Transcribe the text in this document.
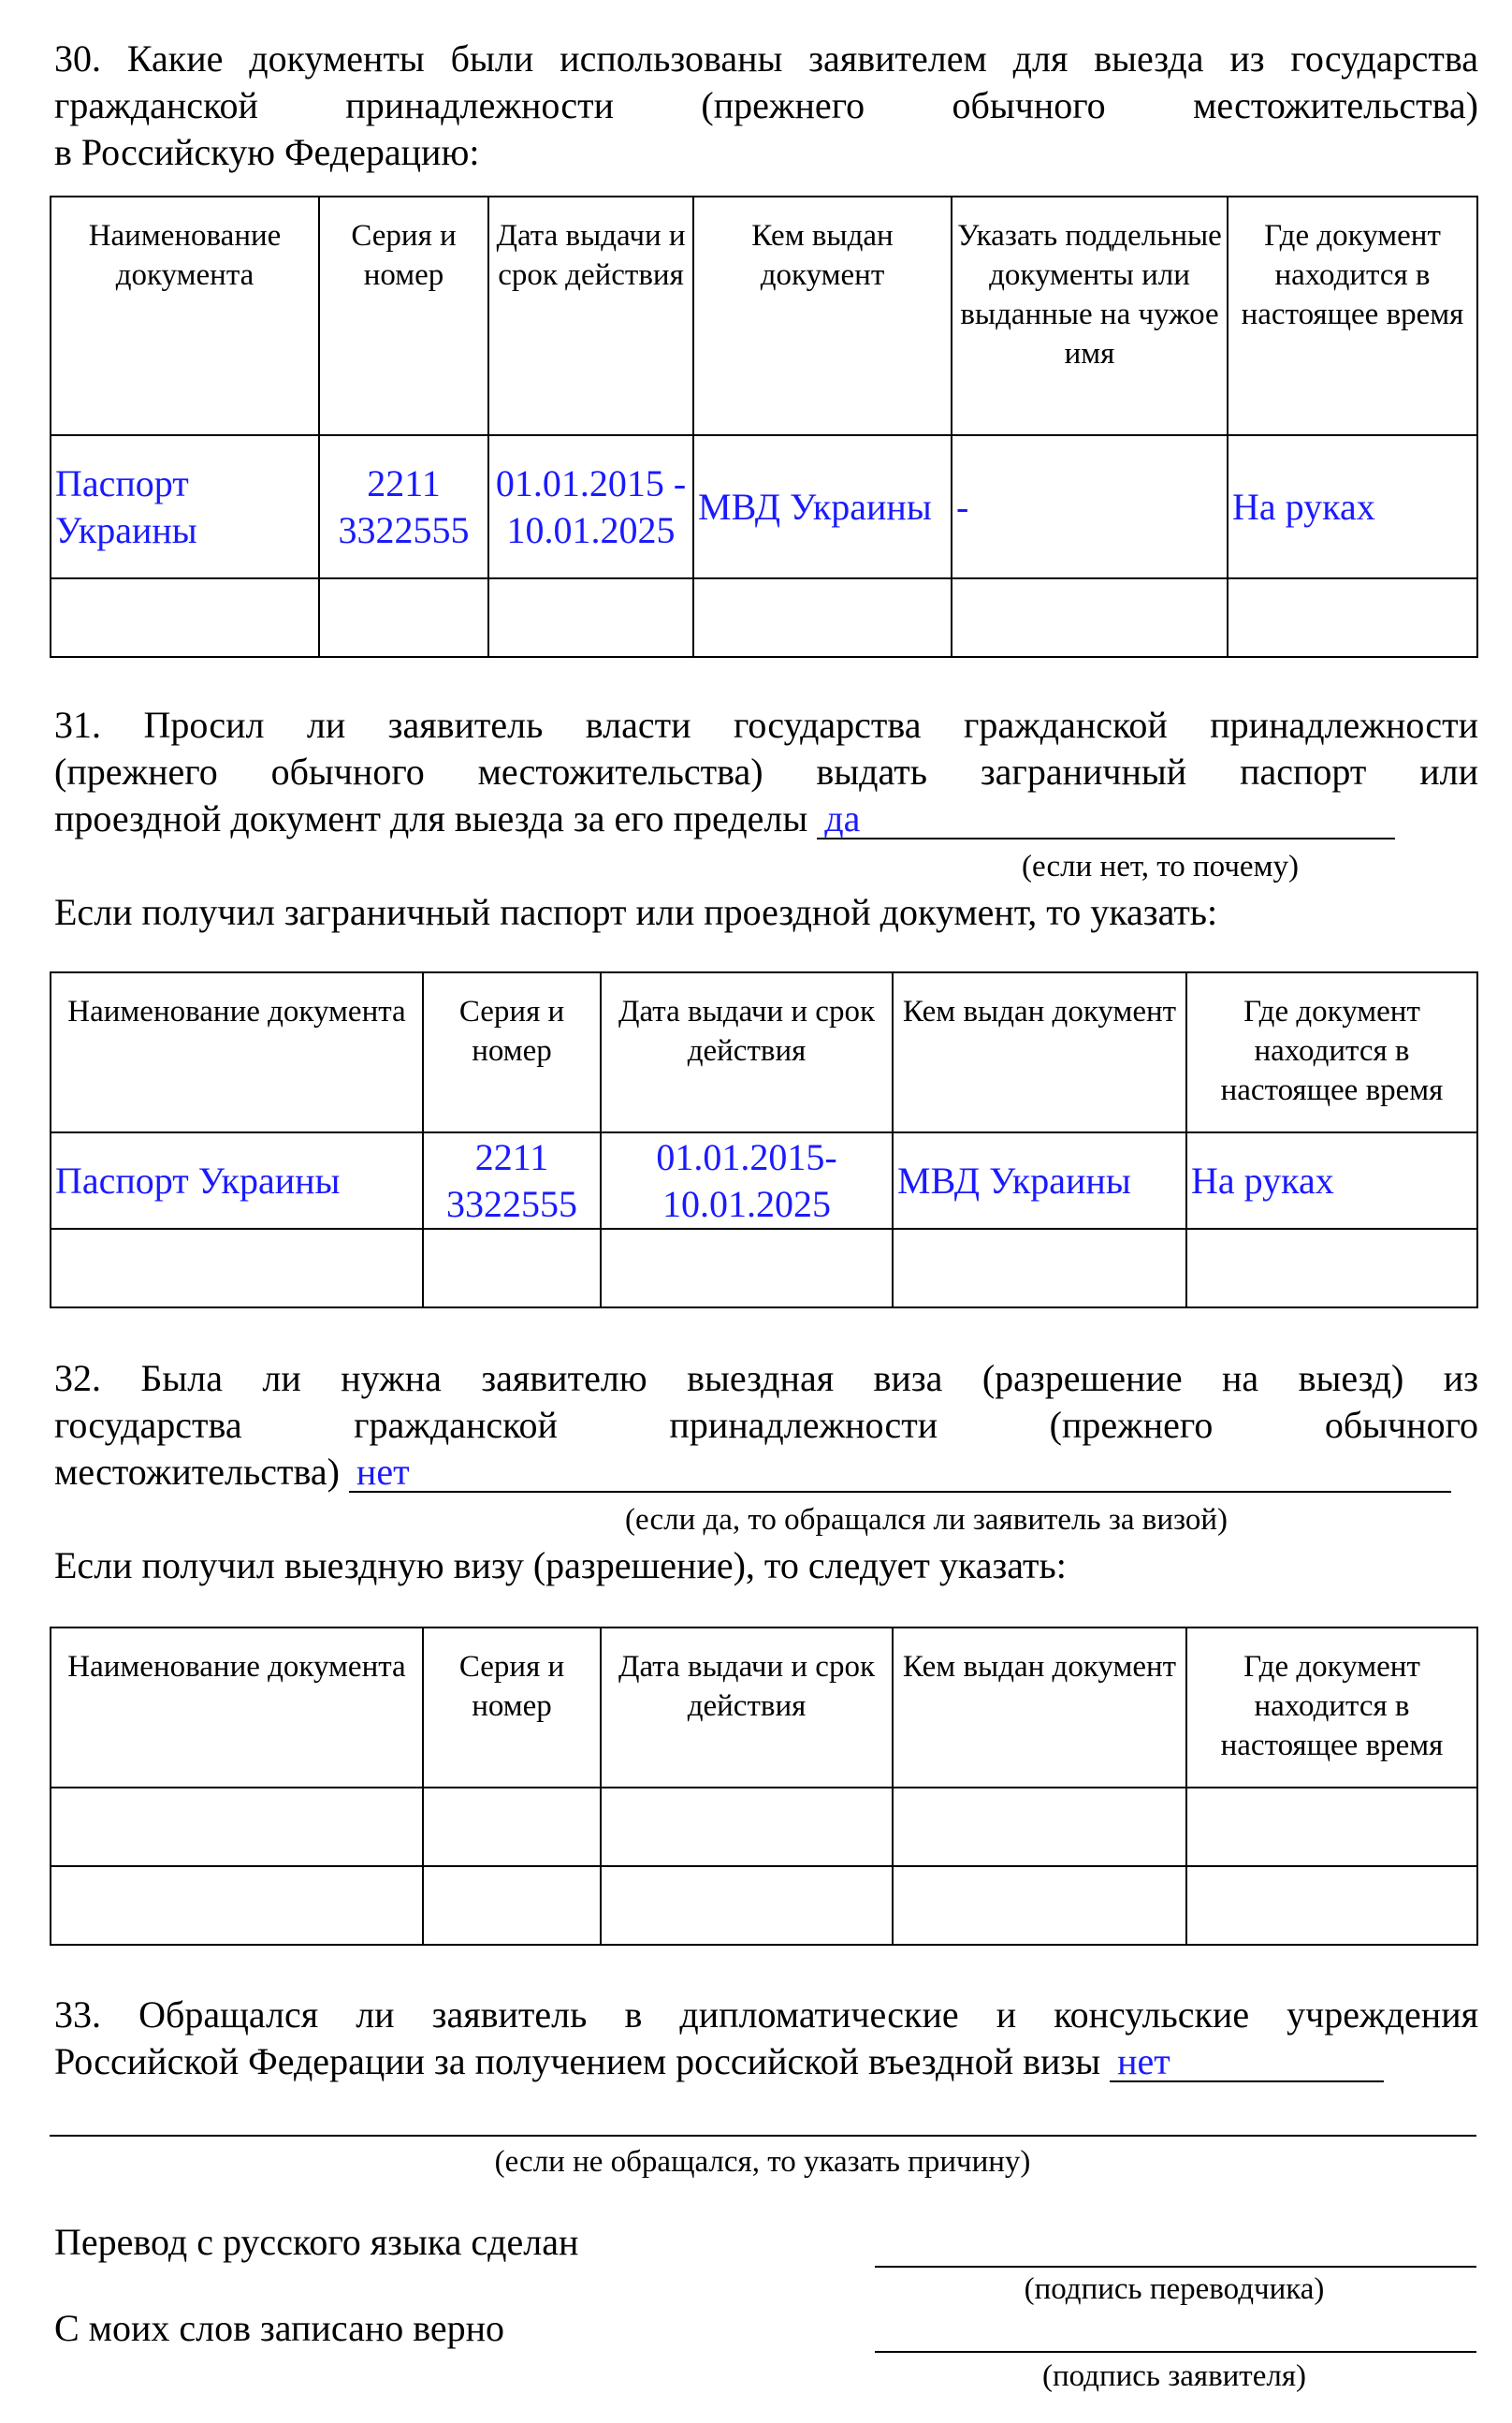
30. Какие документы были использованы заявителем для выезда из государства
гражданской принадлежности (прежнего обычного местожительства)
в Российскую Федерацию:
Наименование документа	Серия и номер	Дата выдачи и срок действия	Кем выдан документ	Указать поддельные документы или выданные на чужое имя	Где документ находится в настоящее время
Паспорт Украины	2211 3322555	01.01.2015 - 10.01.2025	МВД Украины	-	На руках

31. Просил ли заявитель власти государства гражданской принадлежности
(прежнего обычного местожительства) выдать заграничный паспорт или
проездной документ для выезда за его пределы да
(если нет, то почему)
Если получил заграничный паспорт или проездной документ, то указать:
Наименование документа	Серия и номер	Дата выдачи и срок действия	Кем выдан документ	Где документ находится в настоящее время
Паспорт Украины	2211 3322555	01.01.2015- 10.01.2025	МВД Украины	На руках

32. Была ли нужна заявителю выездная виза (разрешение на выезд) из
государства гражданской принадлежности (прежнего обычного
местожительства) нет
(если да, то обращался ли заявитель за визой)
Если получил выездную визу (разрешение), то следует указать:
Наименование документа	Серия и номер	Дата выдачи и срок действия	Кем выдан документ	Где документ находится в настоящее время

33. Обращался ли заявитель в дипломатические и консульские учреждения
Российской Федерации за получением российской въездной визы нет
(если не обращался, то указать причину)
Перевод с русского языка сделан
(подпись переводчика)
С моих слов записано верно
(подпись заявителя)
